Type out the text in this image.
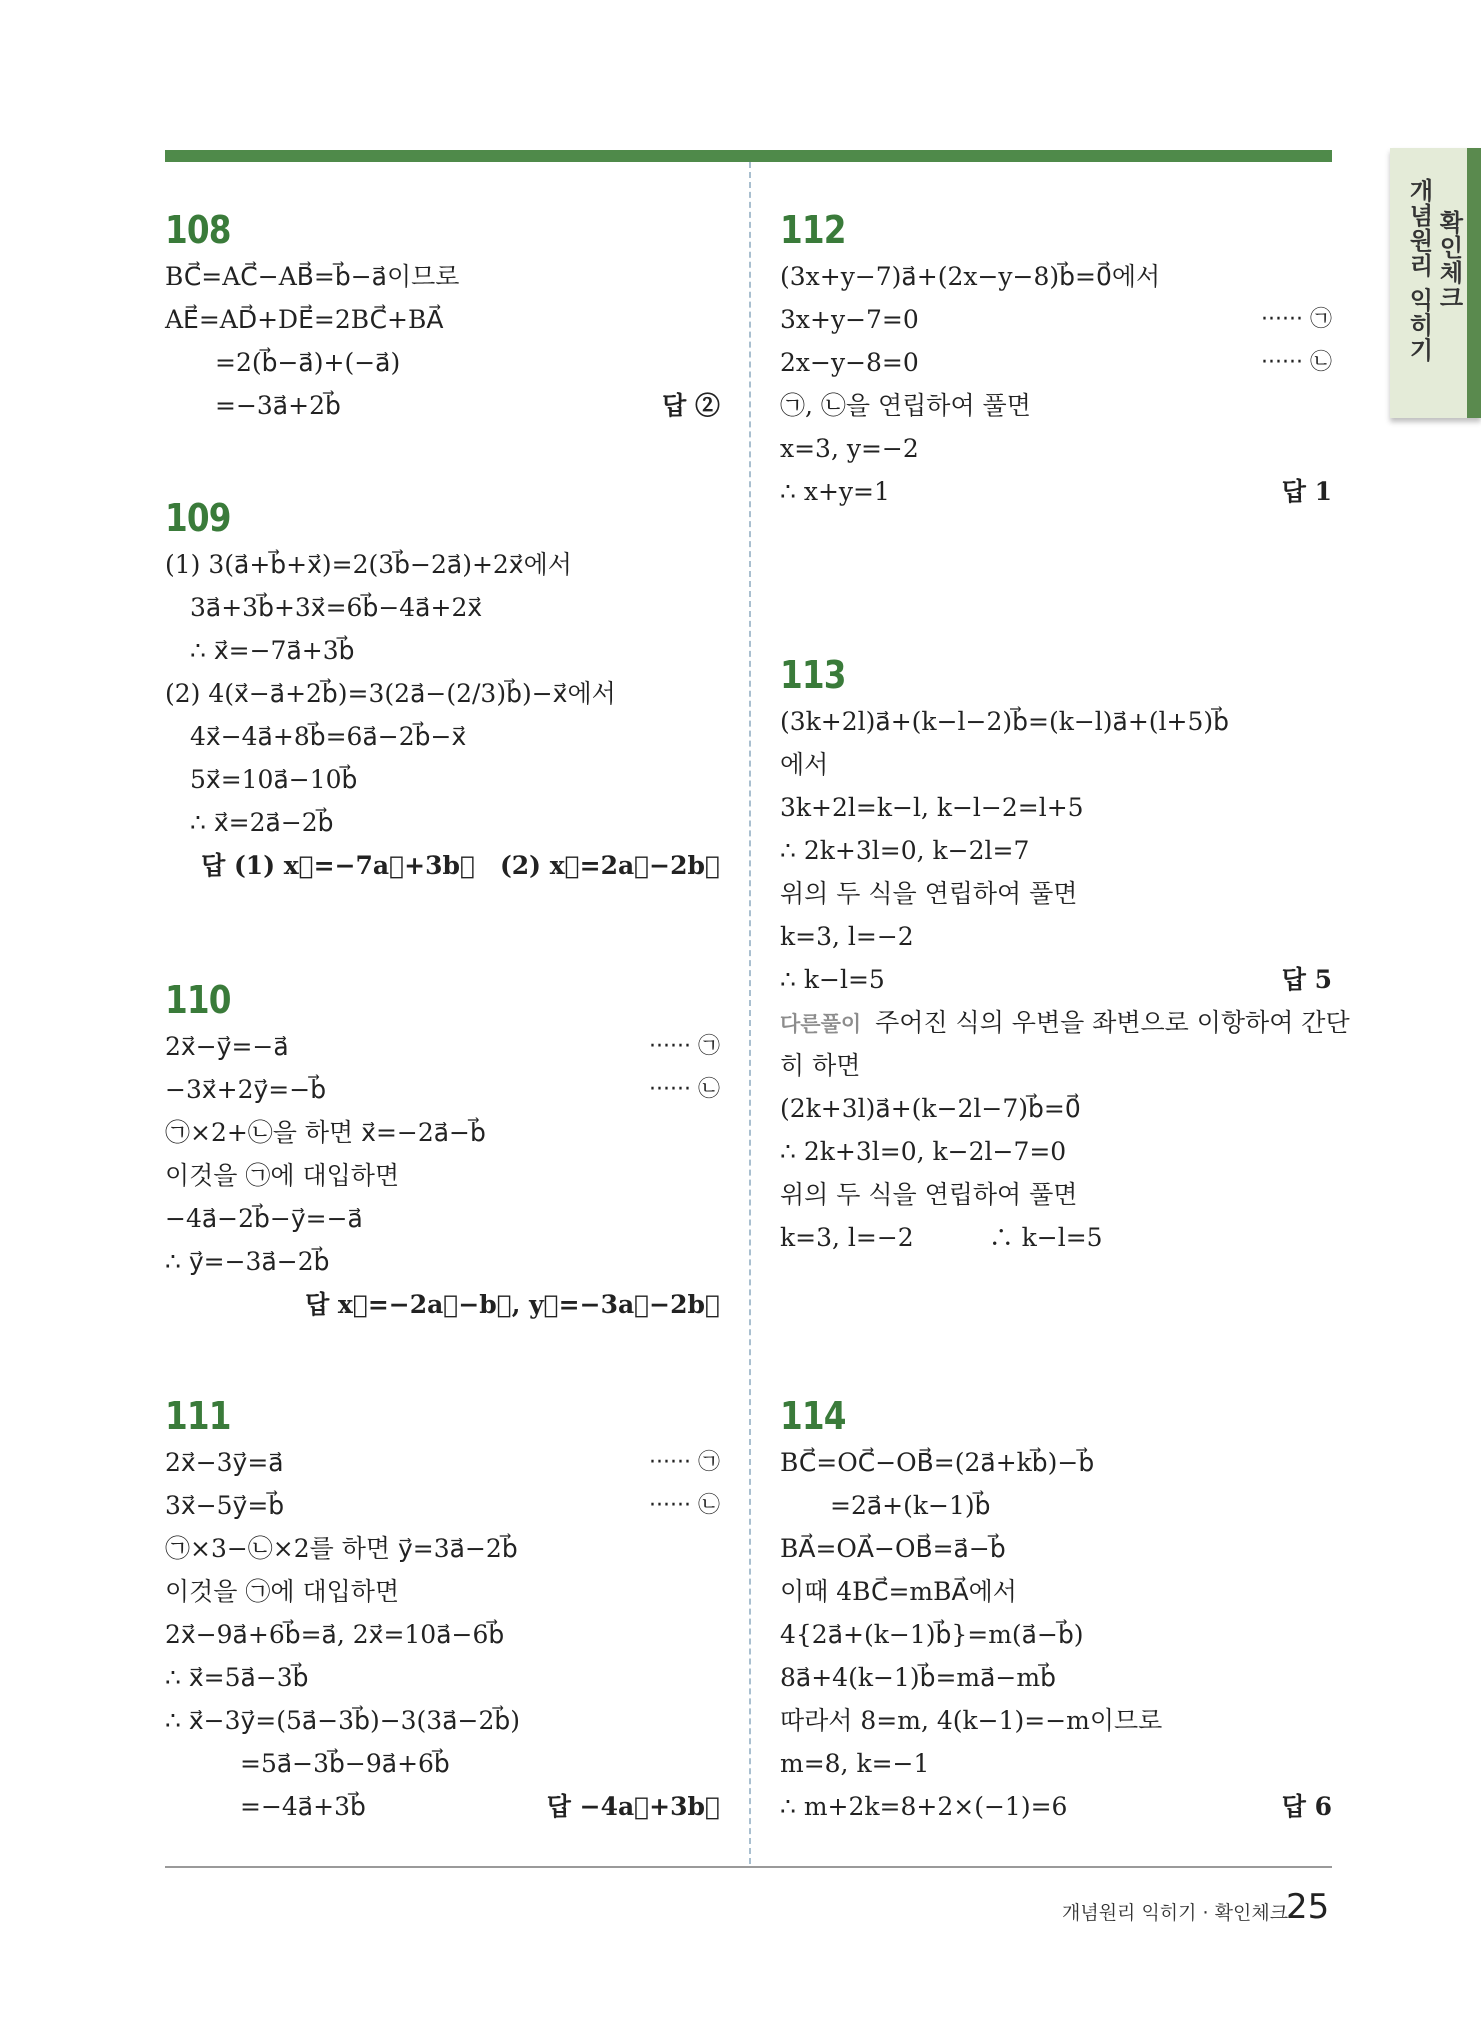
개념원리 익히기 확인체크
108
BC⃗=AC⃗−AB⃗=b⃗−a⃗이므로
AE⃗=AD⃗+DE⃗=2BC⃗+BA⃗
　　=2(b⃗−a⃗)+(−a⃗)
　　=−3a⃗+2b⃗	답 ②
109
(1) 3(a⃗+b⃗+x⃗)=2(3b⃗−2a⃗)+2x⃗에서
　3a⃗+3b⃗+3x⃗=6b⃗−4a⃗+2x⃗
　∴ x⃗=−7a⃗+3b⃗
(2) 4(x⃗−a⃗+2b⃗)=3(2a⃗−(2/3)b⃗)−x⃗에서
　4x⃗−4a⃗+8b⃗=6a⃗−2b⃗−x⃗
　5x⃗=10a⃗−10b⃗
　∴ x⃗=2a⃗−2b⃗
답 (1) x⃗=−7a⃗+3b⃗　(2) x⃗=2a⃗−2b⃗
110
2x⃗−y⃗=−a⃗	······ ㉠
−3x⃗+2y⃗=−b⃗	······ ㉡
㉠×2+㉡을 하면 x⃗=−2a⃗−b⃗
이것을 ㉠에 대입하면
−4a⃗−2b⃗−y⃗=−a⃗
∴ y⃗=−3a⃗−2b⃗
답 x⃗=−2a⃗−b⃗, y⃗=−3a⃗−2b⃗
111
2x⃗−3y⃗=a⃗	······ ㉠
3x⃗−5y⃗=b⃗	······ ㉡
㉠×3−㉡×2를 하면 y⃗=3a⃗−2b⃗
이것을 ㉠에 대입하면
2x⃗−9a⃗+6b⃗=a⃗, 2x⃗=10a⃗−6b⃗
∴ x⃗=5a⃗−3b⃗
∴ x⃗−3y⃗=(5a⃗−3b⃗)−3(3a⃗−2b⃗)
　　　=5a⃗−3b⃗−9a⃗+6b⃗
　　　=−4a⃗+3b⃗	답 −4a⃗+3b⃗
112
(3x+y−7)a⃗+(2x−y−8)b⃗=0⃗에서
3x+y−7=0	······ ㉠
2x−y−8=0	······ ㉡
㉠, ㉡을 연립하여 풀면
x=3, y=−2
∴ x+y=1	답 1
113
(3k+2l)a⃗+(k−l−2)b⃗=(k−l)a⃗+(l+5)b⃗
에서
3k+2l=k−l, k−l−2=l+5
∴ 2k+3l=0, k−2l=7
위의 두 식을 연립하여 풀면
k=3, l=−2
∴ k−l=5	답 5
다른풀이 주어진 식의 우변을 좌변으로 이항하여 간단
히 하면
(2k+3l)a⃗+(k−2l−7)b⃗=0⃗
∴ 2k+3l=0, k−2l−7=0
위의 두 식을 연립하여 풀면
k=3, l=−2　　　∴ k−l=5
114
BC⃗=OC⃗−OB⃗=(2a⃗+kb⃗)−b⃗
　　=2a⃗+(k−1)b⃗
BA⃗=OA⃗−OB⃗=a⃗−b⃗
이때 4BC⃗=mBA⃗에서
4{2a⃗+(k−1)b⃗}=m(a⃗−b⃗)
8a⃗+4(k−1)b⃗=ma⃗−mb⃗
따라서 8=m, 4(k−1)=−m이므로
m=8, k=−1
∴ m+2k=8+2×(−1)=6	답 6
개념원리 익히기 · 확인체크
25
